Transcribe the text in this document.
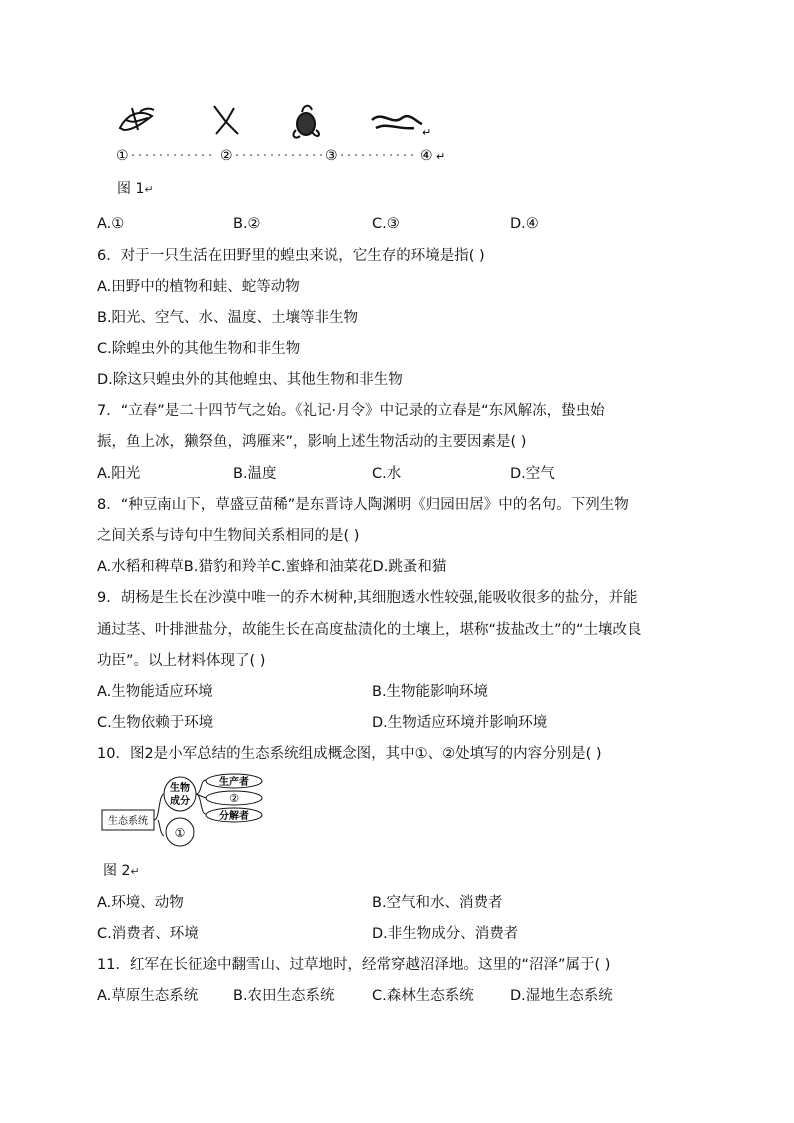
↵
①	②	③	④ ↵
图 1↵
A.①	B.②	C.③	D.④
6．对于一只生活在田野里的蝗虫来说，它生存的环境是指( )
A.田野中的植物和蛙、蛇等动物
B.阳光、空气、水、温度、土壤等非生物
C.除蝗虫外的其他生物和非生物
D.除这只蝗虫外的其他蝗虫、其他生物和非生物
7．“立春”是二十四节气之始。《礼记·月令》中记录的立春是“东风解冻，蛰虫始
振，鱼上冰，獭祭鱼，鸿雁来”，影响上述生物活动的主要因素是( )
A.阳光	B.温度	C.水	D.空气
8．“种豆南山下，草盛豆苗稀”是东晋诗人陶渊明《归园田居》中的名句。下列生物
之间关系与诗句中生物间关系相同的是( )
A.水稻和稗草B.猎豹和羚羊C.蜜蜂和油菜花D.跳蚤和猫
9．胡杨是生长在沙漠中唯一的乔木树种,其细胞透水性较强,能吸收很多的盐分，并能
通过茎、叶排泄盐分，故能生长在高度盐渍化的土壤上，堪称“拔盐改土”的“土壤改良
功臣”。以上材料体现了( )
A.生物能适应环境	B.生物能影响环境
C.生物依赖于环境	D.生物适应环境并影响环境
10．图2是小军总结的生态系统组成概念图，其中①、②处填写的内容分别是( )
生态系统
生物
成分
①
生产者
②
分解者
图 2↵
A.环境、动物	B.空气和水、消费者
C.消费者、环境	D.非生物成分、消费者
11．红军在长征途中翻雪山、过草地时，经常穿越沼泽地。这里的“沼泽”属于( )
A.草原生态系统 B.农田生态系统	C.森林生态系统	D.湿地生态系统
